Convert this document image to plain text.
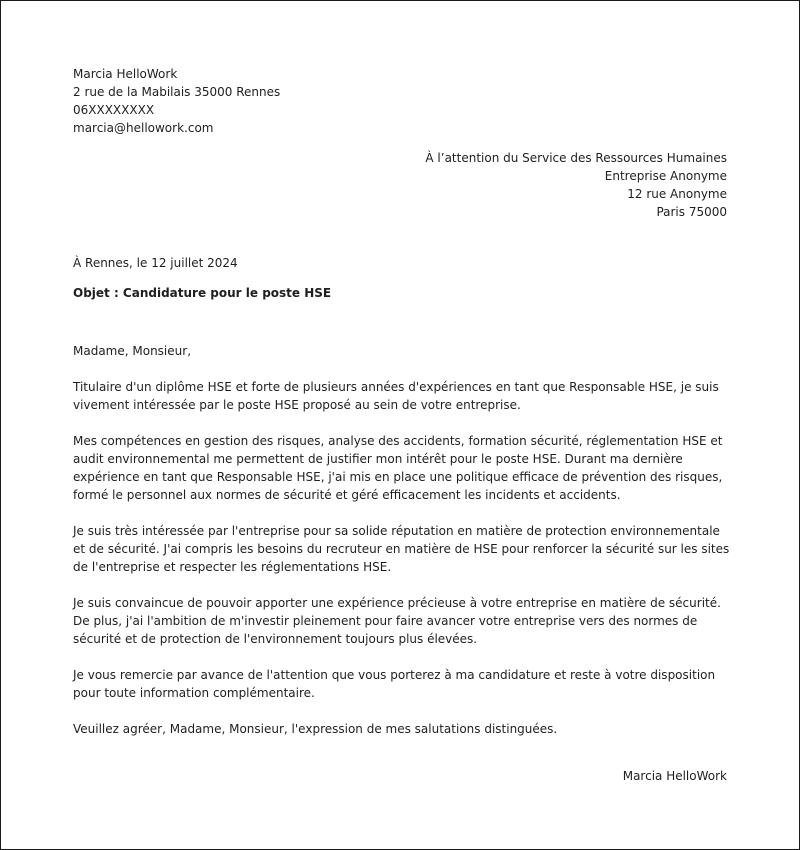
Marcia HelloWork
2 rue de la Mabilais 35000 Rennes
06XXXXXXXX
marcia@hellowork.com
À l’attention du Service des Ressources Humaines
Entreprise Anonyme
12 rue Anonyme
Paris 75000
À Rennes, le 12 juillet 2024
Objet : Candidature pour le poste HSE

Madame, Monsieur,

Titulaire d'un diplôme HSE et forte de plusieurs années d'expériences en tant que Responsable HSE, je suis vivement intéressée par le poste HSE proposé au sein de votre entreprise.

Mes compétences en gestion des risques, analyse des accidents, formation sécurité, réglementation HSE et audit environnemental me permettent de justifier mon intérêt pour le poste HSE. Durant ma dernière expérience en tant que Responsable HSE, j'ai mis en place une politique efficace de prévention des risques, formé le personnel aux normes de sécurité et géré efficacement les incidents et accidents.

Je suis très intéressée par l'entreprise pour sa solide réputation en matière de protection environnementale et de sécurité. J'ai compris les besoins du recruteur en matière de HSE pour renforcer la sécurité sur les sites de l'entreprise et respecter les réglementations HSE.

Je suis convaincue de pouvoir apporter une expérience précieuse à votre entreprise en matière de sécurité. De plus, j'ai l'ambition de m'investir pleinement pour faire avancer votre entreprise vers des normes de sécurité et de protection de l'environnement toujours plus élevées.

Je vous remercie par avance de l'attention que vous porterez à ma candidature et reste à votre disposition pour toute information complémentaire.

Veuillez agréer, Madame, Monsieur, l'expression de mes salutations distinguées.

Marcia HelloWork
